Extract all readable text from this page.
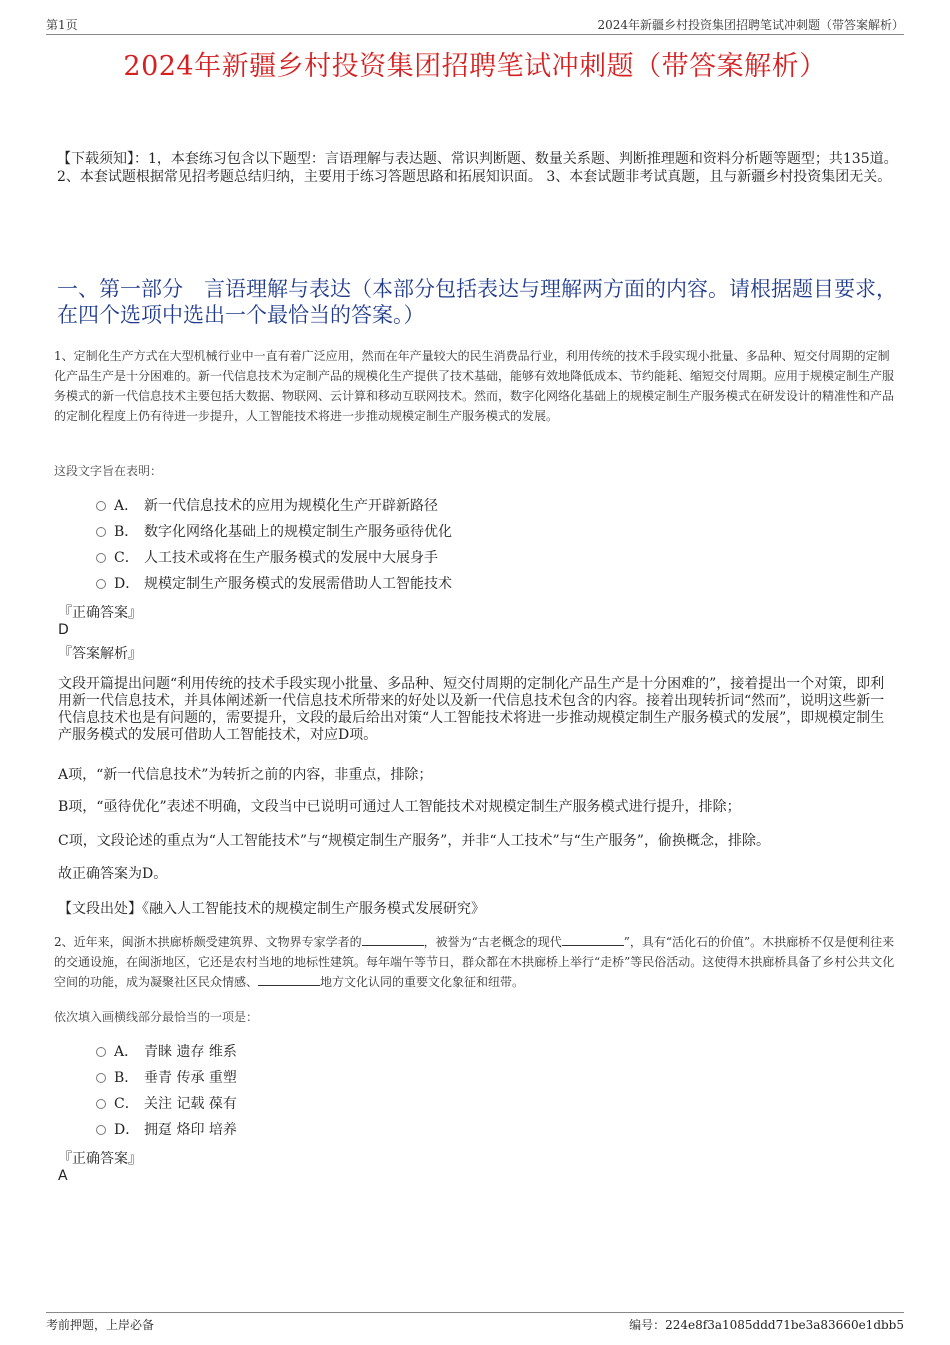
第1页	2024年新疆乡村投资集团招聘笔试冲刺题（带答案解析）
2024年新疆乡村投资集团招聘笔试冲刺题（带答案解析）
【下载须知】：1，本套练习包含以下题型：言语理解与表达题、常识判断题、数量关系题、判断推理题和资料分析题等题型；共135道。 2、本套试题根据常见招考题总结归纳，主要用于练习答题思路和拓展知识面。 3、本套试题非考试真题，且与新疆乡村投资集团无关。
一、第一部分　言语理解与表达（本部分包括表达与理解两方面的内容。请根据题目要求，在四个选项中选出一个最恰当的答案。）
1、定制化生产方式在大型机械行业中一直有着广泛应用，然而在年产量较大的民生消费品行业，利用传统的技术手段实现小批量、多品种、短交付周期的定制化产品生产是十分困难的。新一代信息技术为定制产品的规模化生产提供了技术基础，能够有效地降低成本、节约能耗、缩短交付周期。应用于规模定制生产服务模式的新一代信息技术主要包括大数据、物联网、云计算和移动互联网技术。然而，数字化网络化基础上的规模定制生产服务模式在研发设计的精准性和产品的定制化程度上仍有待进一步提升，人工智能技术将进一步推动规模定制生产服务模式的发展。
这段文字旨在表明：
A． 新一代信息技术的应用为规模化生产开辟新路径
B． 数字化网络化基础上的规模定制生产服务亟待优化
C． 人工技术或将在生产服务模式的发展中大展身手
D． 规模定制生产服务模式的发展需借助人工智能技术
『正确答案』
D
『答案解析』
文段开篇提出问题“利用传统的技术手段实现小批量、多品种、短交付周期的定制化产品生产是十分困难的”，接着提出一个对策，即利用新一代信息技术，并具体阐述新一代信息技术所带来的好处以及新一代信息技术包含的内容。接着出现转折词“然而”，说明这些新一代信息技术也是有问题的，需要提升，文段的最后给出对策“人工智能技术将进一步推动规模定制生产服务模式的发展”，即规模定制生产服务模式的发展可借助人工智能技术，对应D项。
A项，“新一代信息技术”为转折之前的内容，非重点，排除；
B项，“亟待优化”表述不明确，文段当中已说明可通过人工智能技术对规模定制生产服务模式进行提升，排除；
C项，文段论述的重点为“人工智能技术”与“规模定制生产服务”，并非“人工技术”与“生产服务”，偷换概念，排除。
故正确答案为D。
【文段出处】《融入人工智能技术的规模定制生产服务模式发展研究》
2、近年来，闽浙木拱廊桥颇受建筑界、文物界专家学者的	，被誉为“古老概念的现代	”，具有“活化石的价值”。木拱廊桥不仅是便利往来的交通设施，在闽浙地区，它还是农村当地的地标性建筑。每年端午等节日，群众都在木拱廊桥上举行“走桥”等民俗活动。这使得木拱廊桥具备了乡村公共文化空间的功能，成为凝聚社区民众情感、	地方文化认同的重要文化象征和纽带。
依次填入画横线部分最恰当的一项是：
A． 青睐 遗存 维系
B． 垂青 传承 重塑
C． 关注 记载 葆有
D． 拥趸 烙印 培养
『正确答案』
A
考前押题，上岸必备	编号：224e8f3a1085ddd71be3a83660e1dbb5
